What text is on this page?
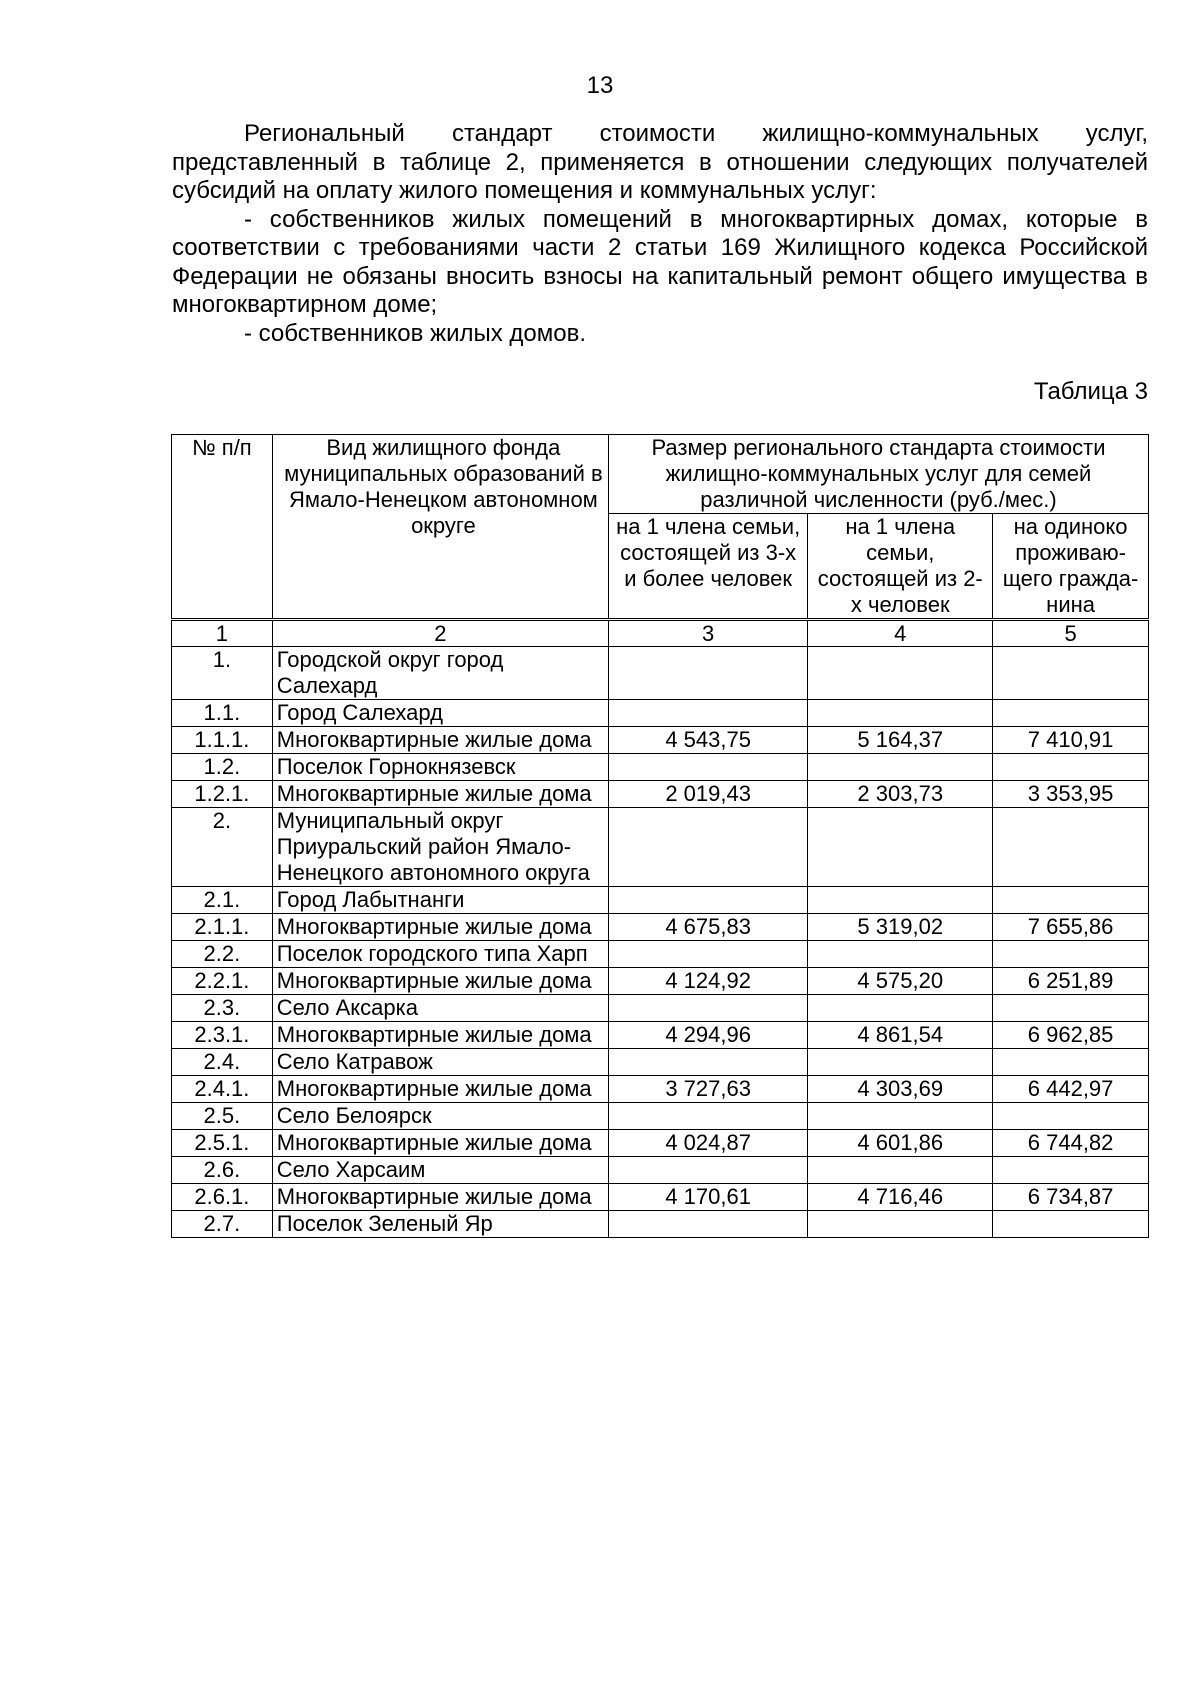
13

Региональный стандарт стоимости жилищно-коммунальных услуг, представленный в таблице 2, применяется в отношении следующих получателей субсидий на оплату жилого помещения и коммунальных услуг:

- собственников жилых помещений в многоквартирных домах, которые в соответствии с требованиями части 2 статьи 169 Жилищного кодекса Российской Федерации не обязаны вносить взносы на капитальный ремонт общего имущества в многоквартирном доме;

- собственников жилых домов.

Таблица 3
№ п/п	Вид жилищного фонда муниципальных образований в Ямало-Ненецком автономном округе	Размер регионального стандарта стоимости жилищно-коммунальных услуг для семей различной численности (руб./мес.)		
		на 1 члена семьи, состоящей из 3-х и более человек	на 1 члена семьи, состоящей из 2-х человек	на одиноко проживаю-щего гражда-нина
1	2	3	4	5
1.	Городской округ город Салехард			
1.1.	Город Салехард			
1.1.1.	Многоквартирные жилые дома	4 543,75	5 164,37	7 410,91
1.2.	Поселок Горнокнязевск			
1.2.1.	Многоквартирные жилые дома	2 019,43	2 303,73	3 353,95
2.	Муниципальный округ Приуральский район Ямало-Ненецкого автономного округа			
2.1.	Город Лабытнанги			
2.1.1.	Многоквартирные жилые дома	4 675,83	5 319,02	7 655,86
2.2.	Поселок городского типа Харп			
2.2.1.	Многоквартирные жилые дома	4 124,92	4 575,20	6 251,89
2.3.	Село Аксарка			
2.3.1.	Многоквартирные жилые дома	4 294,96	4 861,54	6 962,85
2.4.	Село Катравож			
2.4.1.	Многоквартирные жилые дома	3 727,63	4 303,69	6 442,97
2.5.	Село Белоярск			
2.5.1.	Многоквартирные жилые дома	4 024,87	4 601,86	6 744,82
2.6.	Село Харсаим			
2.6.1.	Многоквартирные жилые дома	4 170,61	4 716,46	6 734,87
2.7.	Поселок Зеленый Яр			
